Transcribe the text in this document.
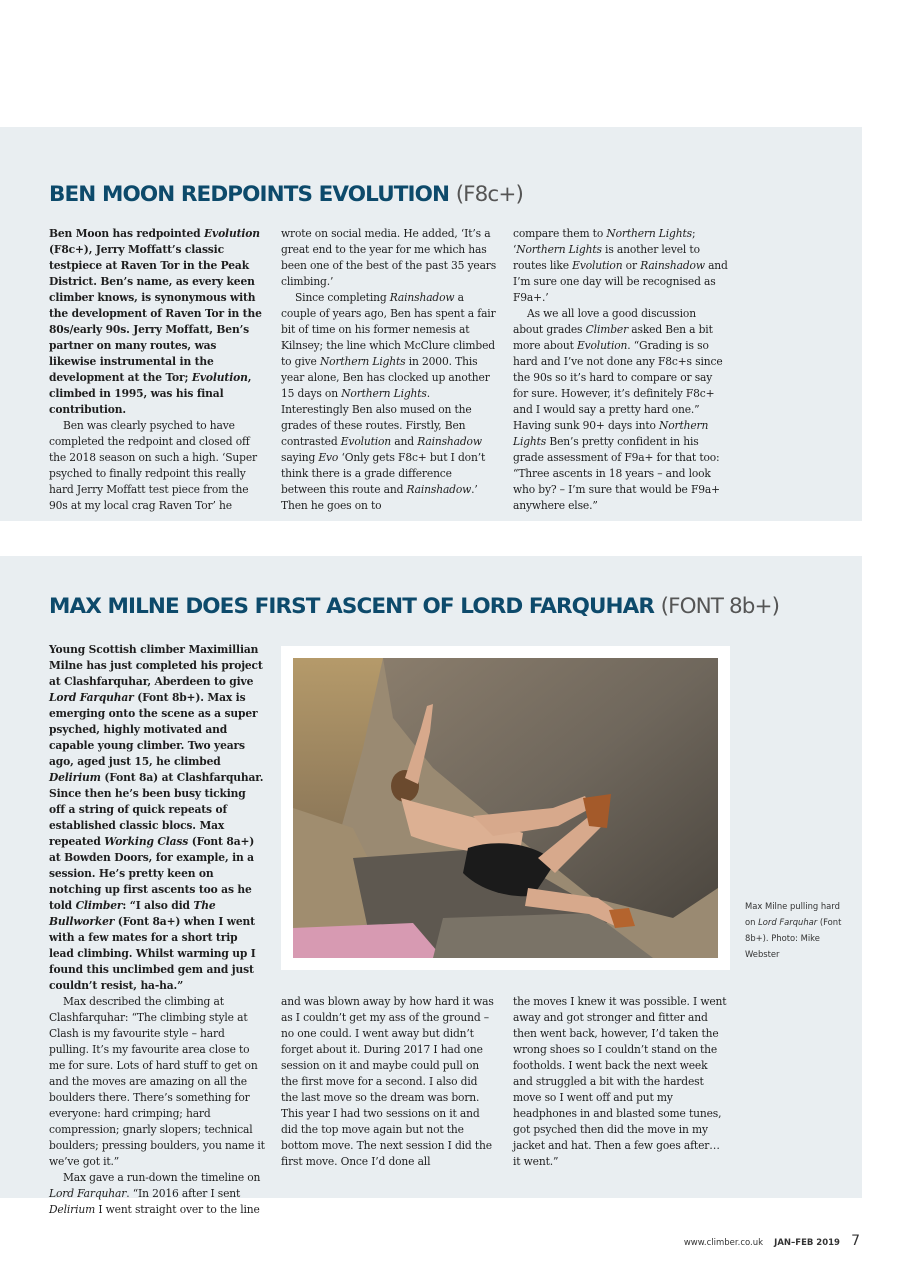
BEN MOON REDPOINTS EVOLUTION (F8c+)

Ben Moon has redpointed Evolution (F8c+), Jerry Moffatt’s classic testpiece at Raven Tor in the Peak District. Ben’s name, as every keen climber knows, is synonymous with the development of Raven Tor in the 80s/early 90s. Jerry Moffatt, Ben’s partner on many routes, was likewise instrumental in the development at the Tor; Evolution, climbed in 1995, was his final contribution.

Ben was clearly psyched to have completed the redpoint and closed off the 2018 season on such a high. ‘Super psyched to finally redpoint this really hard Jerry Moffatt test piece from the 90s at my local crag Raven Tor’ he

wrote on social media. He added, ‘It’s a great end to the year for me which has been one of the best of the past 35 years climbing.’

Since completing Rainshadow a couple of years ago, Ben has spent a fair bit of time on his former nemesis at Kilnsey; the line which McClure climbed to give Northern Lights in 2000. This year alone, Ben has clocked up another 15 days on Northern Lights. Interestingly Ben also mused on the grades of these routes. Firstly, Ben contrasted Evolution and Rainshadow saying Evo ‘Only gets F8c+ but I don’t think there is a grade difference between this route and Rainshadow.’ Then he goes on to

compare them to Northern Lights; ‘Northern Lights is another level to routes like Evolution or Rainshadow and I’m sure one day will be recognised as F9a+.’

As we all love a good discussion about grades Climber asked Ben a bit more about Evolution. “Grading is so hard and I’ve not done any F8c+s since the 90s so it’s hard to compare or say for sure. However, it’s definitely F8c+ and I would say a pretty hard one.” Having sunk 90+ days into Northern Lights Ben’s pretty confident in his grade assessment of F9a+ for that too: “Three ascents in 18 years – and look who by? – I’m sure that would be F9a+ anywhere else.”

MAX MILNE DOES FIRST ASCENT OF LORD FARQUHAR (FONT 8b+)

Young Scottish climber Maximillian Milne has just completed his project at Clashfarquhar, Aberdeen to give Lord Farquhar (Font 8b+). Max is emerging onto the scene as a super psyched, highly motivated and capable young climber. Two years ago, aged just 15, he climbed Delirium (Font 8a) at Clashfarquhar. Since then he’s been busy ticking off a string of quick repeats of established classic blocs. Max repeated Working Class (Font 8a+) at Bowden Doors, for example, in a session. He’s pretty keen on notching up first ascents too as he told Climber: “I also did The Bullworker (Font 8a+) when I went with a few mates for a short trip lead climbing. Whilst warming up I found this unclimbed gem and just couldn’t resist, ha-ha.”

Max described the climbing at Clashfarquhar: “The climbing style at Clash is my favourite style – hard pulling. It’s my favourite area close to me for sure. Lots of hard stuff to get on and the moves are amazing on all the boulders there. There’s something for everyone: hard crimping; hard compression; gnarly slopers; technical boulders; pressing boulders, you name it we’ve got it.”

Max gave a run-down the timeline on Lord Farquhar. “In 2016 after I sent Delirium I went straight over to the line

Max Milne pulling hard on Lord Farquhar (Font 8b+). Photo: Mike Webster

and was blown away by how hard it was as I couldn’t get my ass of the ground – no one could. I went away but didn’t forget about it. During 2017 I had one session on it and maybe could pull on the first move for a second. I also did the last move so the dream was born. This year I had two sessions on it and did the top move again but not the bottom move. The next session I did the first move. Once I’d done all

the moves I knew it was possible. I went away and got stronger and fitter and then went back, however, I’d taken the wrong shoes so I couldn’t stand on the footholds. I went back the next week and struggled a bit with the hardest move so I went off and put my headphones in and blasted some tunes, got psyched then did the move in my jacket and hat. Then a few goes after… it went.”

www.climber.co.uk JAN–FEB 2019 7
